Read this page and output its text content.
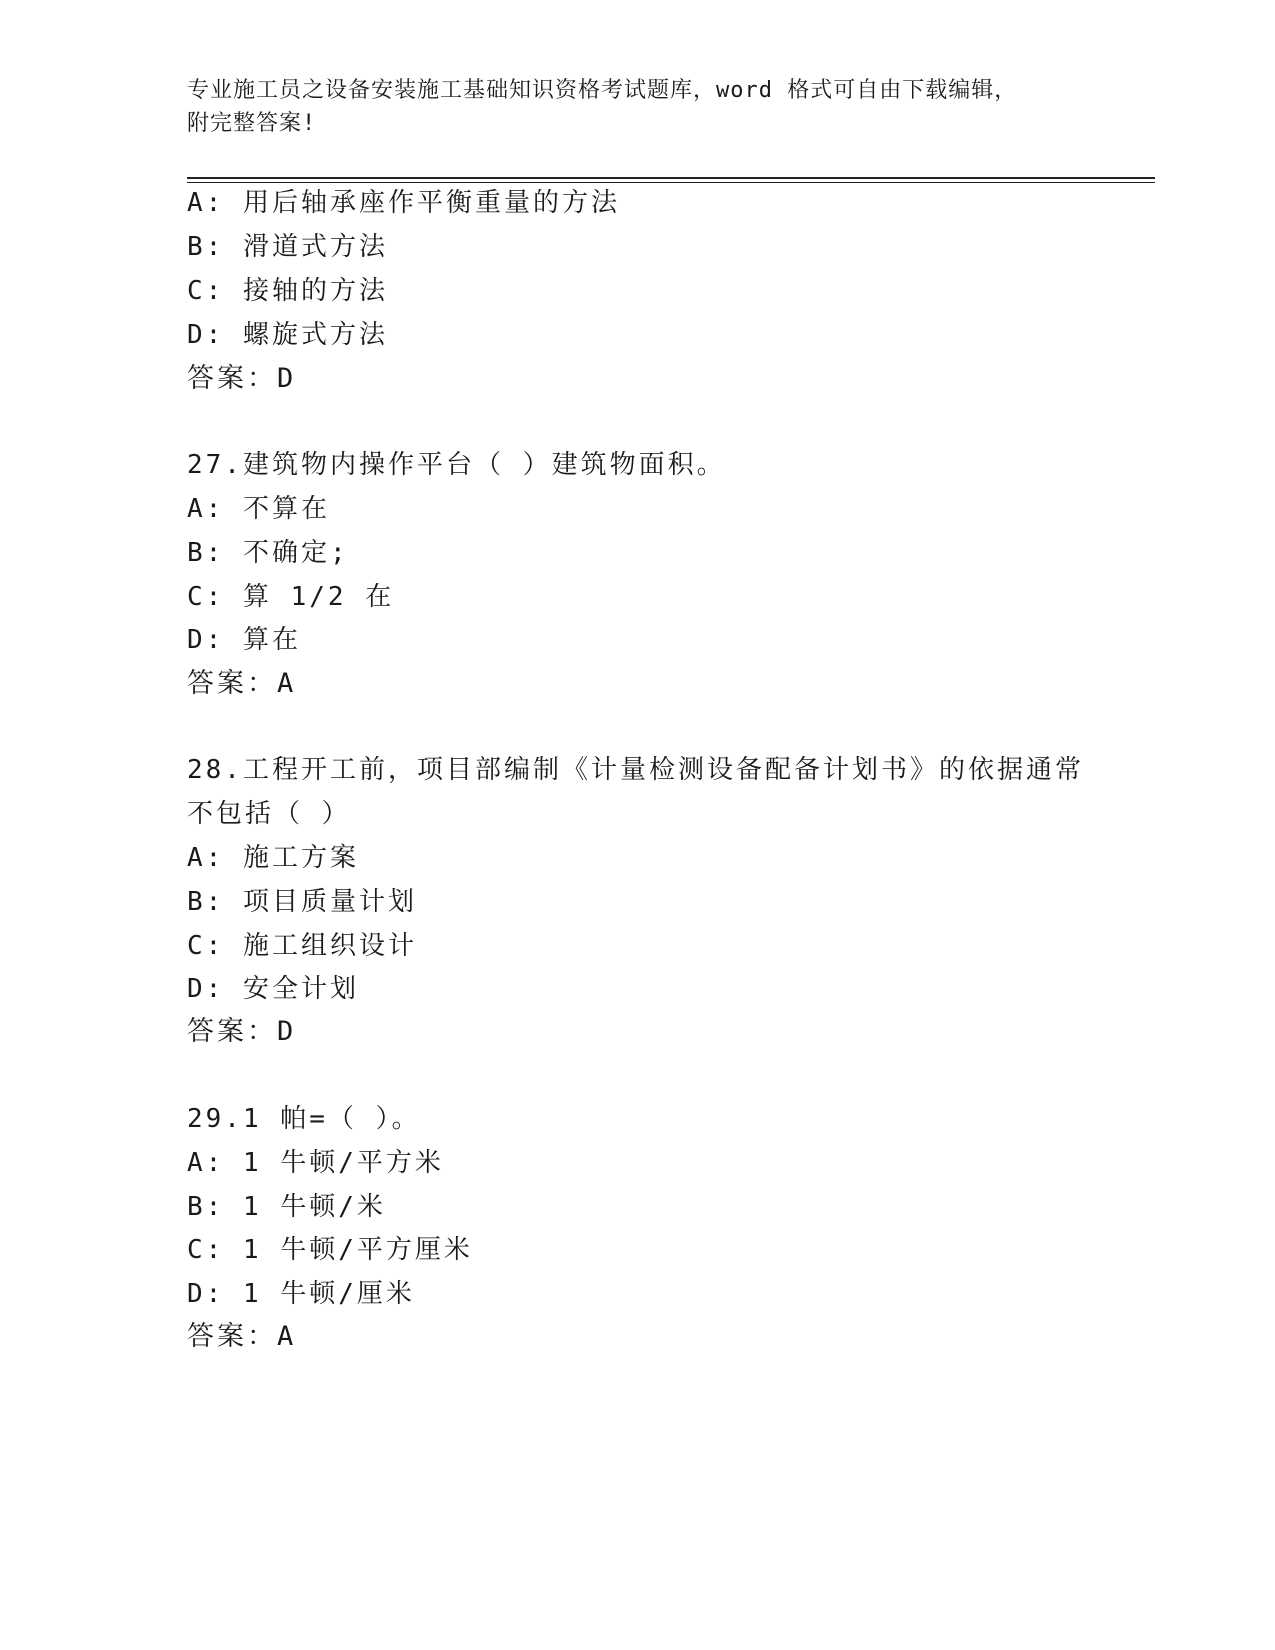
专业施工员之设备安装施工基础知识资格考试题库，word 格式可自由下载编辑，
附完整答案!
A: 用后轴承座作平衡重量的方法
B: 滑道式方法
C: 接轴的方法
D: 螺旋式方法
答案：D
27.建筑物内操作平台（ ）建筑物面积。
A: 不算在
B: 不确定;
C: 算 1/2 在
D: 算在
答案：A
28.工程开工前，项目部编制《计量检测设备配备计划书》的依据通常
不包括（ ）
A: 施工方案
B: 项目质量计划
C: 施工组织设计
D: 安全计划
答案：D
29.1 帕=（ ）。
A: 1 牛顿/平方米
B: 1 牛顿/米
C: 1 牛顿/平方厘米
D: 1 牛顿/厘米
答案：A
